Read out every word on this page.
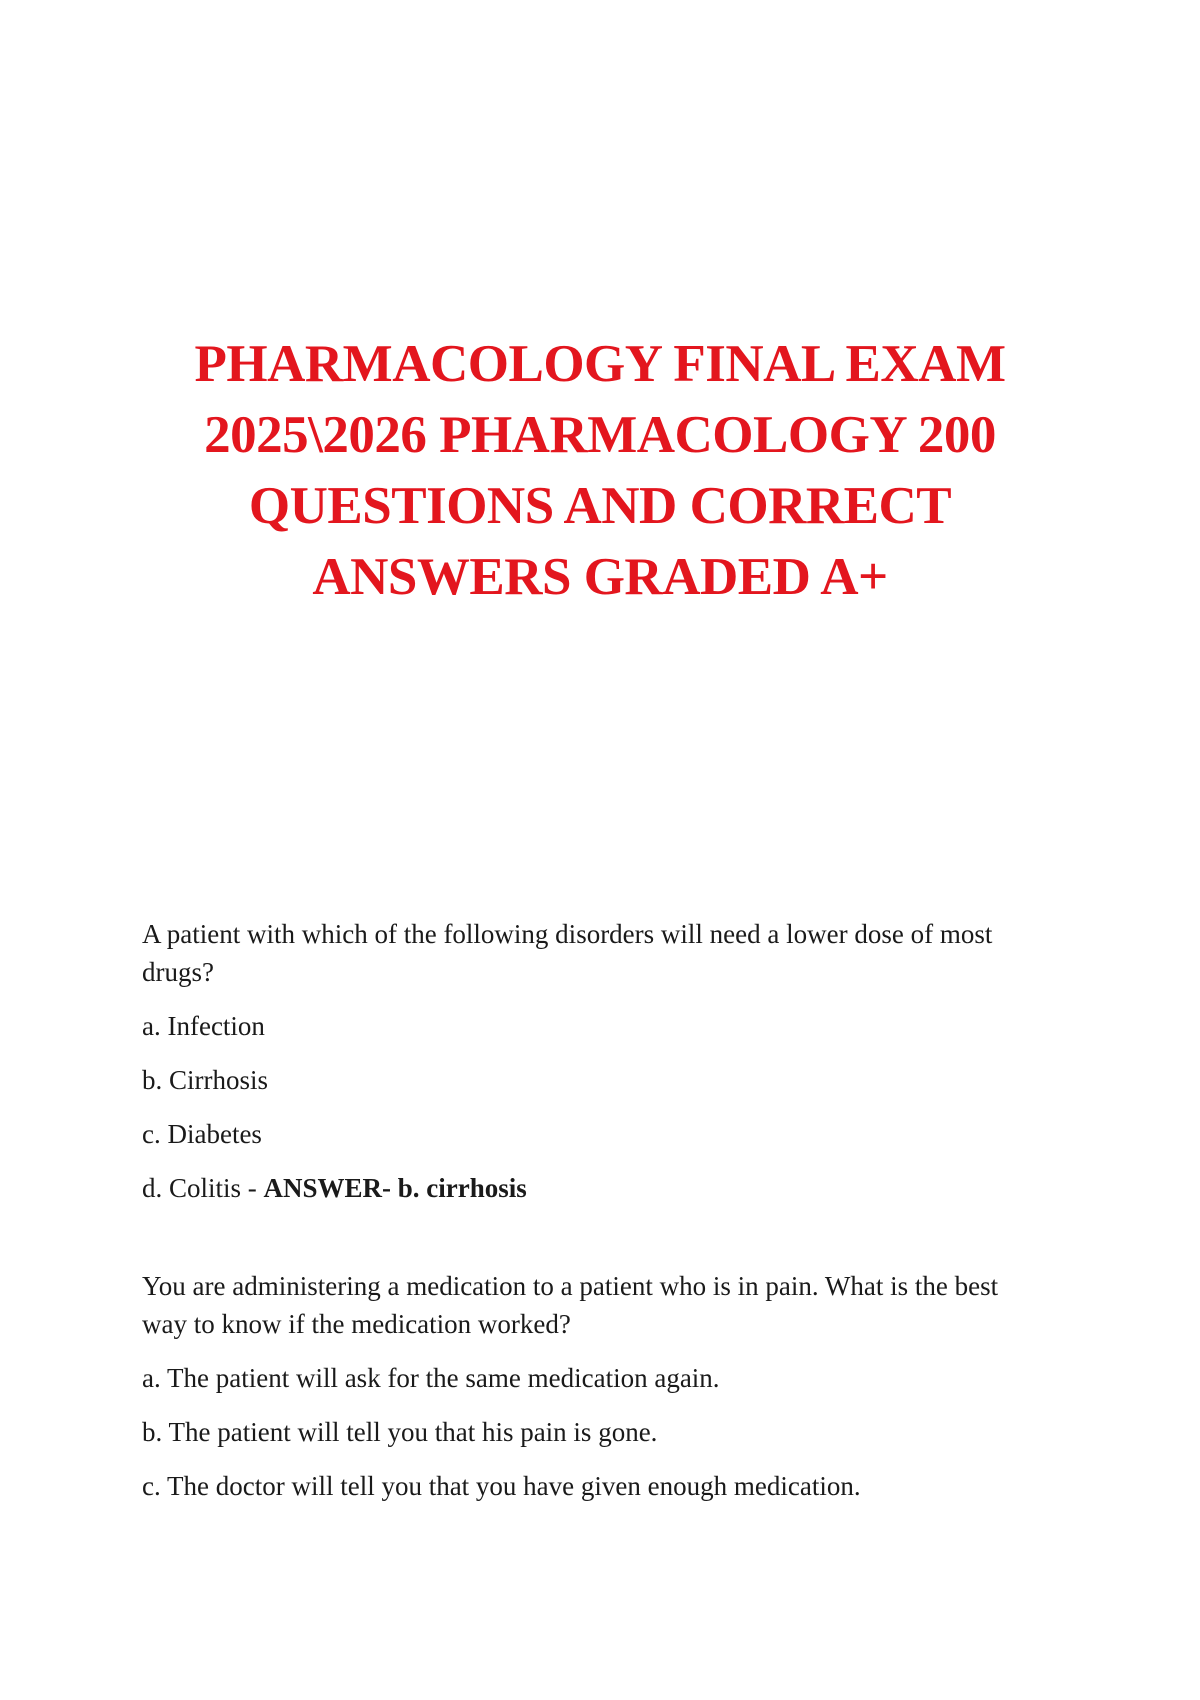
PHARMACOLOGY FINAL EXAM
2025\2026 PHARMACOLOGY 200
QUESTIONS AND CORRECT
ANSWERS GRADED A+

A patient with which of the following disorders will need a lower dose of most drugs?

a. Infection

b. Cirrhosis

c. Diabetes

d. Colitis - ANSWER- b. cirrhosis

You are administering a medication to a patient who is in pain. What is the best way to know if the medication worked?

a. The patient will ask for the same medication again.

b. The patient will tell you that his pain is gone.

c. The doctor will tell you that you have given enough medication.
